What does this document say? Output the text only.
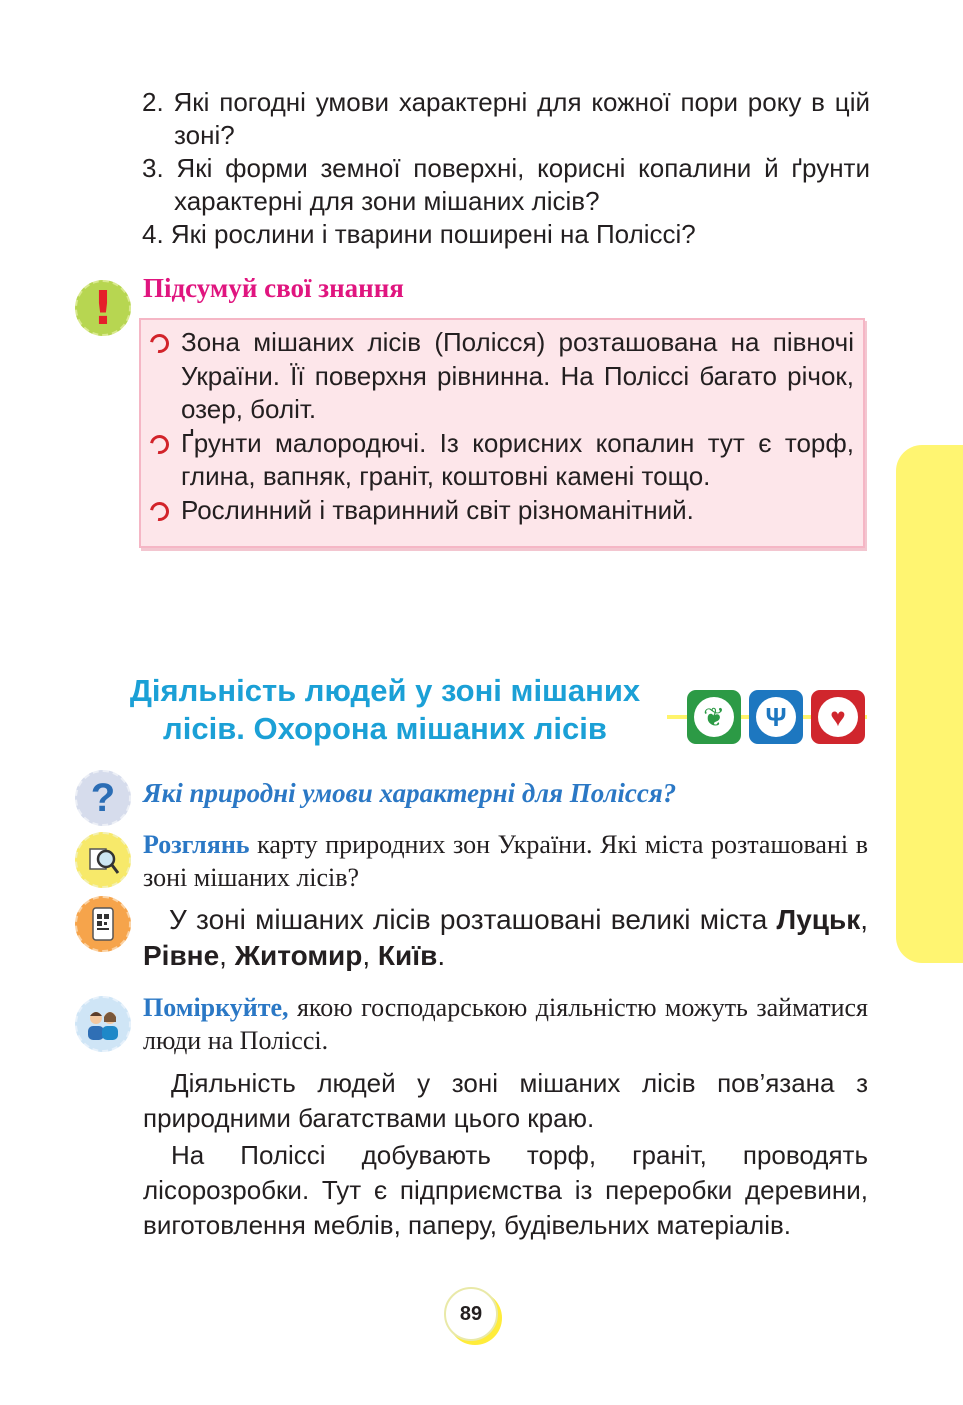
2. Які погодні умови характерні для кожної пори року в цій зоні?
3. Які форми земної поверхні, корисні копалини й ґрунти характерні для зони мішаних лісів?
4. Які рослини і тварини поширені на Поліссі?
! Підсумуй свої знання
Зона мішаних лісів (Полісся) розташована на півночі України. Її поверхня рівнинна. На Поліссі багато річок, озер, боліт.
Ґрунти малородючі. Із корисних копалин тут є торф, глина, вапняк, граніт, коштовні камені тощо.
Рослинний і тваринний світ різноманітний.
Діяльність людей у зоні мішаних
лісів. Охорона мішаних лісів	❦	Ψ	♥
? Які природні умови характерні для Полісся?
Розглянь карту природних зон України. Які міста розташовані в зоні мішаних лісів?
У зоні мішаних лісів розташовані великі міста Луцьк, Рівне, Житомир, Київ.
Поміркуйте, якою господарською діяльністю можуть займатися люди на Поліссі.

Діяльність людей у зоні мішаних лісів пов’язана з природними багатствами цього краю.

На Поліссі добувають торф, граніт, проводять лісорозробки. Тут є підприємства із переробки деревини, виготовлення меблів, паперу, будівельних матеріалів.

89
